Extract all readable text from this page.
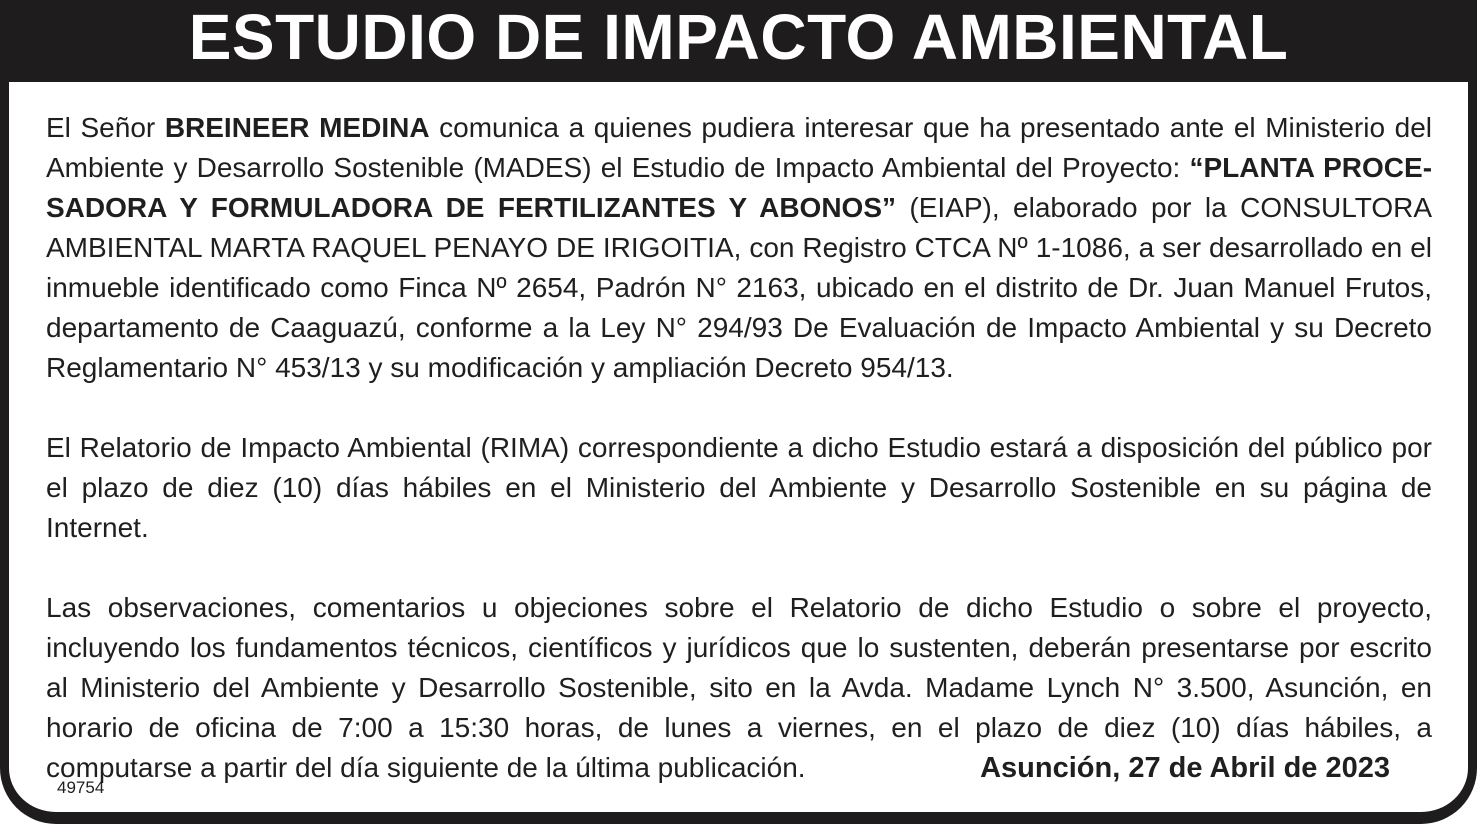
ESTUDIO DE IMPACTO AMBIENTAL

El Señor BREINEER MEDINA comunica a quienes pudiera interesar que ha presentado ante el Ministerio del Ambiente y Desarrollo Sostenible (MADES) el Estudio de Impacto Ambiental del Proyecto: “PLANTA PROCESADORA Y FORMULADORA DE FERTILIZANTES Y ABONOS” (EIAP), elaborado por la CONSULTORA AMBIENTAL MARTA RAQUEL PENAYO DE IRIGOITIA, con Registro CTCA Nº 1-1086, a ser desarrollado en el inmueble identificado como Finca Nº 2654, Padrón N° 2163, ubicado en el distrito de Dr. Juan Manuel Frutos, departamento de Caaguazú, conforme a la Ley N° 294/93 De Evaluación de Impacto Ambiental y su Decreto Reglamentario N° 453/13 y su modificación y ampliación Decreto 954/13.

El Relatorio de Impacto Ambiental (RIMA) correspondiente a dicho Estudio estará a disposición del público por el plazo de diez (10) días hábiles en el Ministerio del Ambiente y Desarrollo Sostenible en su página de Internet.

Las observaciones, comentarios u objeciones sobre el Relatorio de dicho Estudio o sobre el proyecto, incluyendo los fundamentos técnicos, científicos y jurídicos que lo sustenten, deberán presentarse por escrito al Ministerio del Ambiente y Desarrollo Sostenible, sito en la Avda. Madame Lynch N° 3.500, Asunción, en horario de oficina de 7:00 a 15:30 horas, de lunes a viernes, en el plazo de diez (10) días hábiles, a computarse a partir del día siguiente de la última publicación.	Asunción, 27 de Abril de 2023
49754
